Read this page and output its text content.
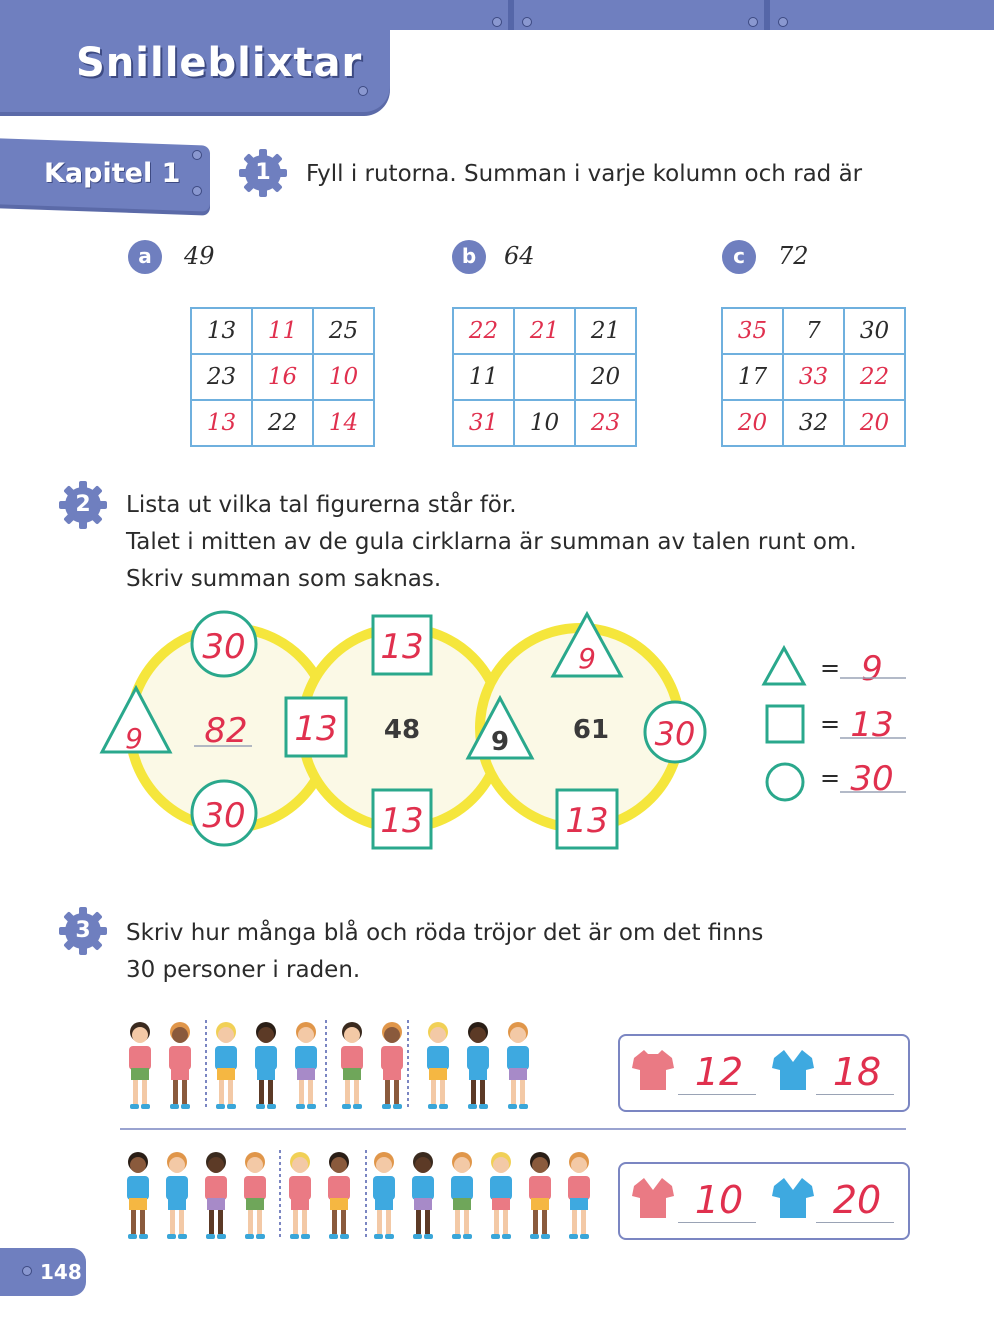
Snilleblixtar
Kapitel 1	1	Fyll i rutorna. Summan i varje kolumn och rad är
a	49
13	11	25
23	16	10
13	22	14
b	64
22	21	21
11		20
31	10	23
c	72
35	7	30
17	33	22
20	32	20
2	Lista ut vilka tal figurerna står för.
Talet i mitten av de gula cirklarna är summan av talen runt om.
Skriv summan som saknas.
30
30
9	13
82
13
13
48	9
9
13
61 30
= 9
= 13
= 30
3	Skriv hur många blå och röda tröjor det är om det finns
30 personer i raden.
12 18
10 20
148
